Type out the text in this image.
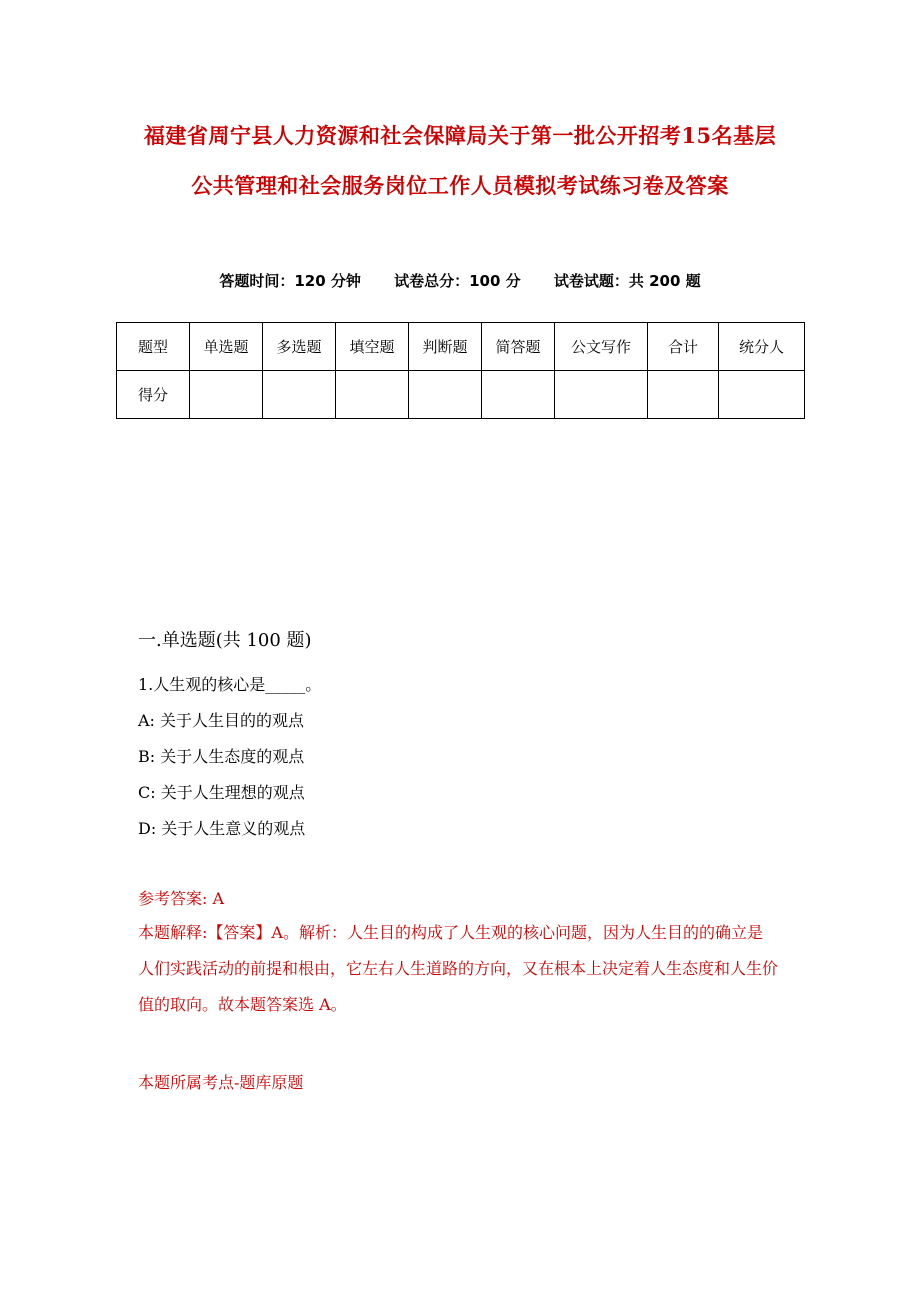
福建省周宁县人力资源和社会保障局关于第一批公开招考15名基层
公共管理和社会服务岗位工作人员模拟考试练习卷及答案
答题时间：120 分钟 试卷总分：100 分 试卷试题：共 200 题
题型	单选题	多选题	填空题	判断题	简答题	公文写作	合计	统分人
得分								
一.单选题(共 100 题)
1.人生观的核心是_____。
A: 关于人生目的的观点
B: 关于人生态度的观点
C: 关于人生理想的观点
D: 关于人生意义的观点
参考答案: A
本题解释:【答案】A。解析：人生目的构成了人生观的核心问题，因为人生目的的确立是人们实践活动的前提和根由，它左右人生道路的方向，又在根本上决定着人生态度和人生价值的取向。故本题答案选 A。
本题所属考点-题库原题
